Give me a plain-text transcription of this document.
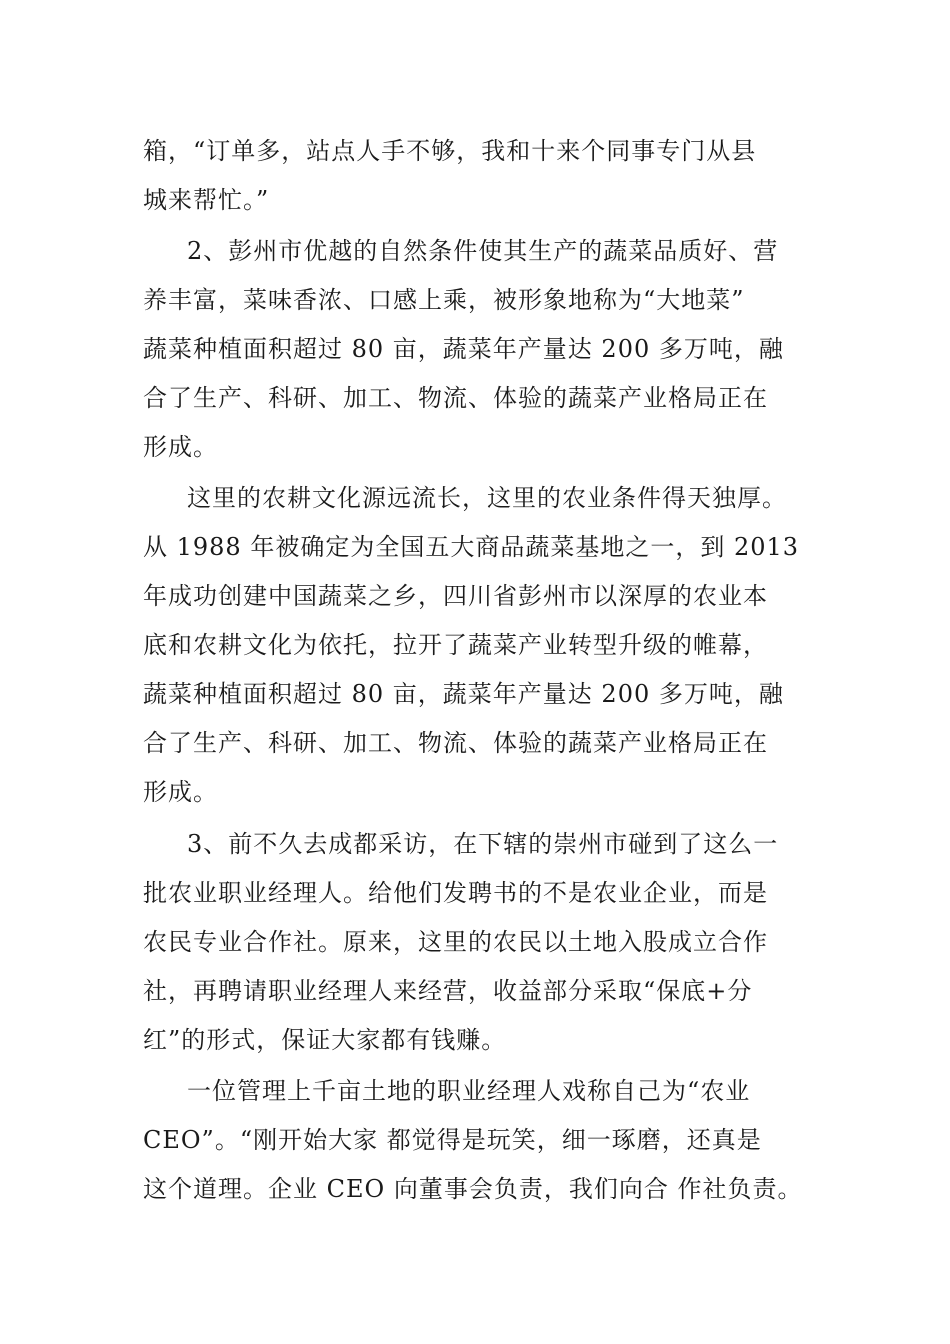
箱，“订单多，站点人手不够，我和十来个同事专门从县

城来帮忙。”

2、彭州市优越的自然条件使其生产的蔬菜品质好、营

养丰富，菜味香浓、口感上乘，被形象地称为“大地菜”

蔬菜种植面积超过 80 亩，蔬菜年产量达 200 多万吨，融

合了生产、科研、加工、物流、体验的蔬菜产业格局正在

形成。

这里的农耕文化源远流长，这里的农业条件得天独厚。

从 1988 年被确定为全国五大商品蔬菜基地之一，到 2013

年成功创建中国蔬菜之乡，四川省彭州市以深厚的农业本

底和农耕文化为依托，拉开了蔬菜产业转型升级的帷幕，

蔬菜种植面积超过 80 亩，蔬菜年产量达 200 多万吨，融

合了生产、科研、加工、物流、体验的蔬菜产业格局正在

形成。

3、前不久去成都采访，在下辖的崇州市碰到了这么一

批农业职业经理人。给他们发聘书的不是农业企业，而是

农民专业合作社。原来，这里的农民以土地入股成立合作

社，再聘请职业经理人来经营，收益部分采取“保底+分

红”的形式，保证大家都有钱赚。

一位管理上千亩土地的职业经理人戏称自己为“农业

CEO”。“刚开始大家 都觉得是玩笑，细一琢磨，还真是

这个道理。企业 CEO 向董事会负责，我们向合 作社负责。
